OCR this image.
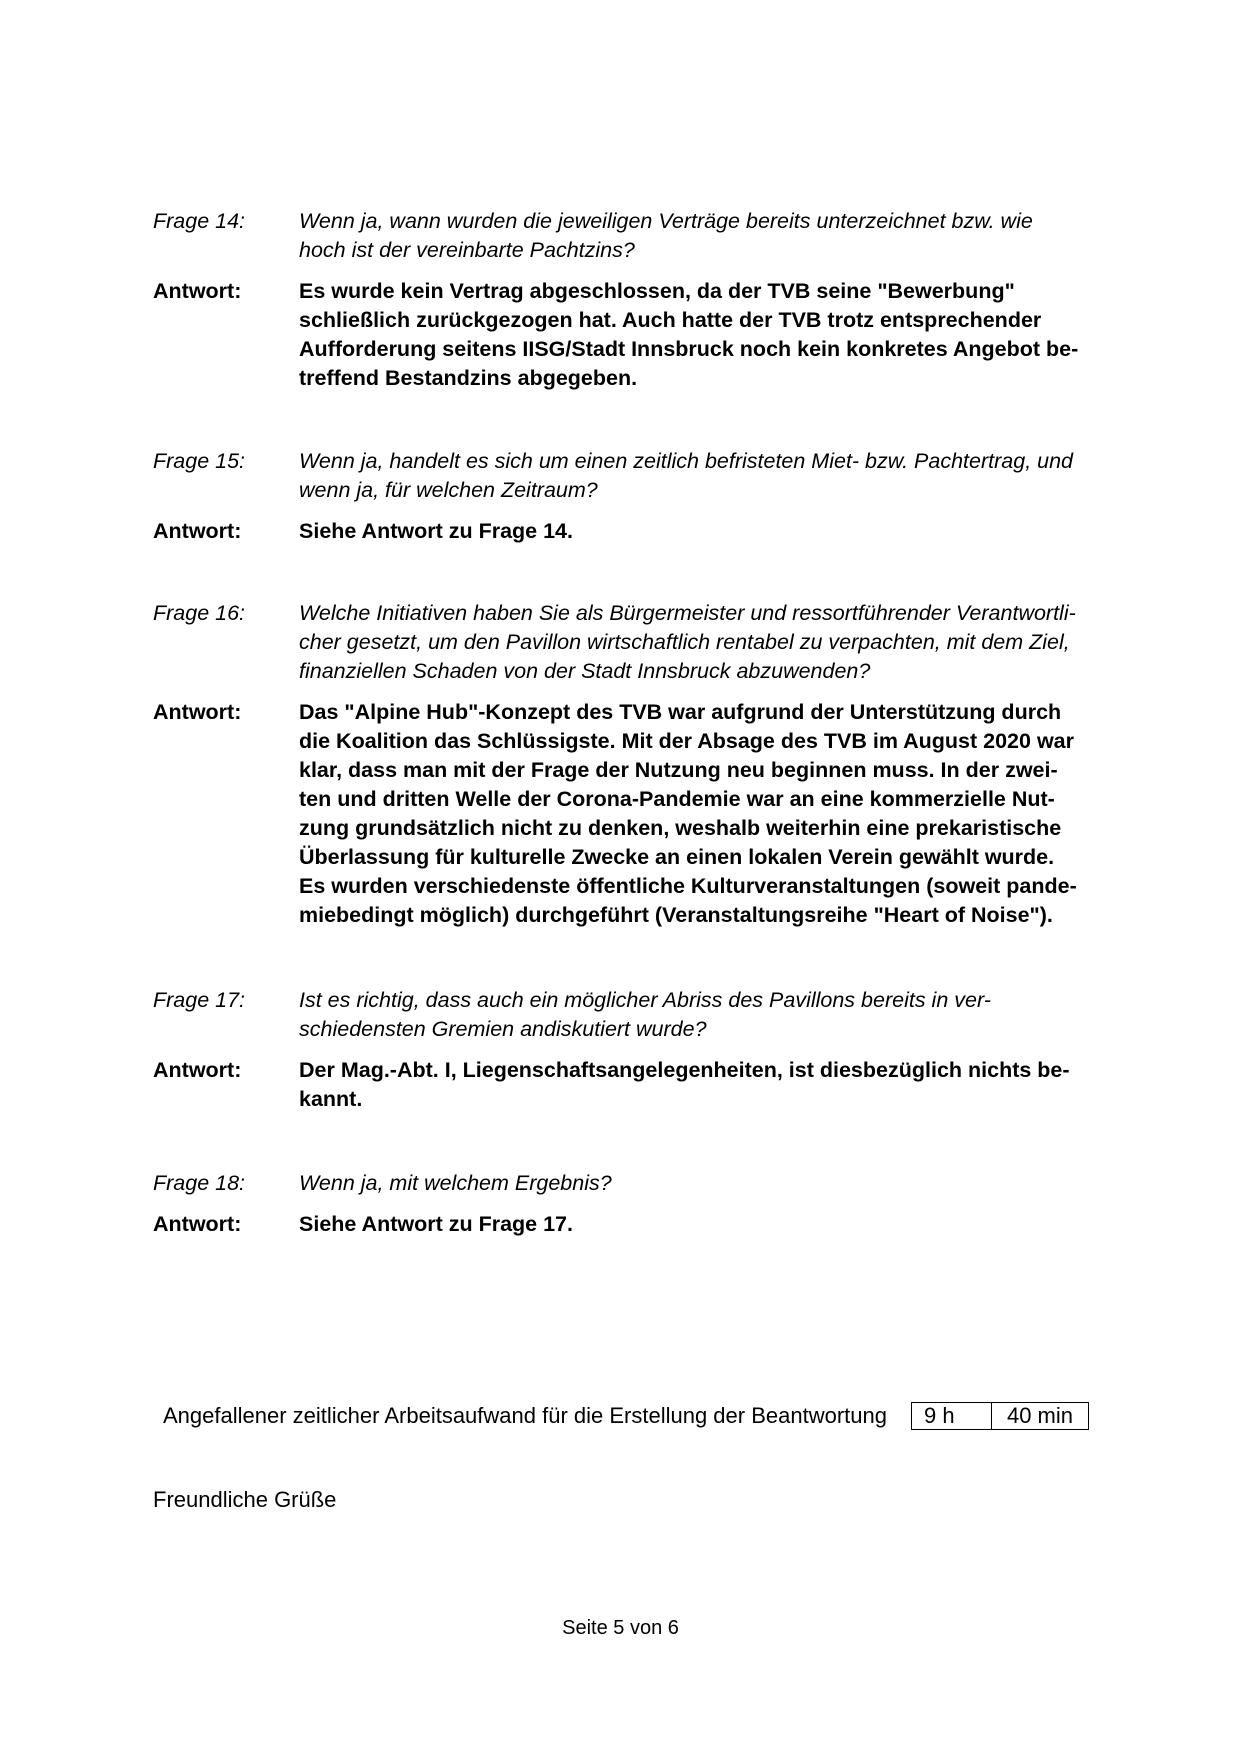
Frage 14:	Wenn ja, wann wurden die jeweiligen Verträge bereits unterzeichnet bzw. wie
hoch ist der vereinbarte Pachtzins?
Antwort:	Es wurde kein Vertrag abgeschlossen, da der TVB seine "Bewerbung"
schließlich zurückgezogen hat. Auch hatte der TVB trotz entsprechender
Aufforderung seitens IISG/Stadt Innsbruck noch kein konkretes Angebot be-
treffend Bestandzins abgegeben.
Frage 15:	Wenn ja, handelt es sich um einen zeitlich befristeten Miet- bzw. Pachtertrag, und
wenn ja, für welchen Zeitraum?
Antwort:	Siehe Antwort zu Frage 14.
Frage 16:	Welche Initiativen haben Sie als Bürgermeister und ressortführender Verantwortli-
cher gesetzt, um den Pavillon wirtschaftlich rentabel zu verpachten, mit dem Ziel,
finanziellen Schaden von der Stadt Innsbruck abzuwenden?
Antwort:	Das "Alpine Hub"-Konzept des TVB war aufgrund der Unterstützung durch
die Koalition das Schlüssigste. Mit der Absage des TVB im August 2020 war
klar, dass man mit der Frage der Nutzung neu beginnen muss. In der zwei-
ten und dritten Welle der Corona-Pandemie war an eine kommerzielle Nut-
zung grundsätzlich nicht zu denken, weshalb weiterhin eine prekaristische
Überlassung für kulturelle Zwecke an einen lokalen Verein gewählt wurde.
Es wurden verschiedenste öffentliche Kulturveranstaltungen (soweit pande-
miebedingt möglich) durchgeführt (Veranstaltungsreihe "Heart of Noise").
Frage 17:	Ist es richtig, dass auch ein möglicher Abriss des Pavillons bereits in ver-
schiedensten Gremien andiskutiert wurde?
Antwort:	Der Mag.-Abt. I, Liegenschaftsangelegenheiten, ist diesbezüglich nichts be-
kannt.
Frage 18:	Wenn ja, mit welchem Ergebnis?
Antwort:	Siehe Antwort zu Frage 17.
Angefallener zeitlicher Arbeitsaufwand für die Erstellung der Beantwortung	9 h	40 min
Freundliche Grüße
Seite 5 von 6
